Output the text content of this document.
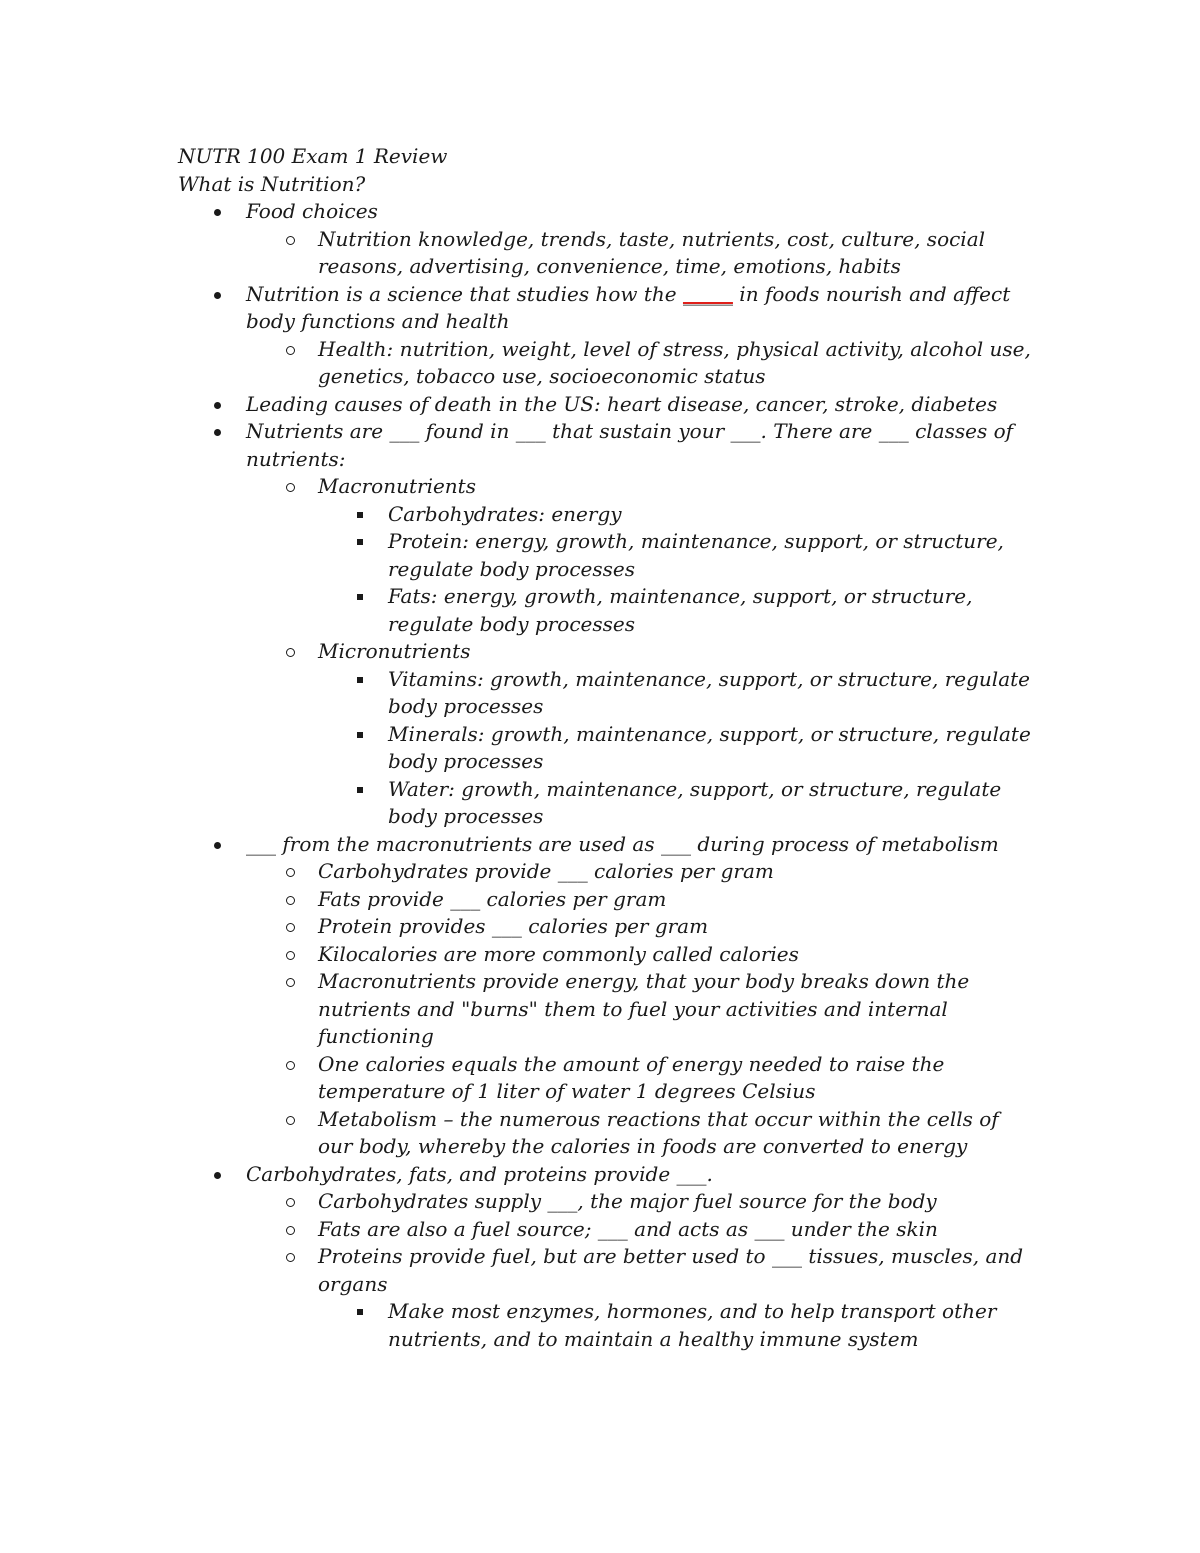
NUTR 100 Exam 1 Review
What is Nutrition?
Food choices
Nutrition knowledge, trends, taste, nutrients, cost, culture, social reasons, advertising, convenience, time, emotions, habits
Nutrition is a science that studies how the _____ in foods nourish and affect body functions and health
Health: nutrition, weight, level of stress, physical activity, alcohol use, genetics, tobacco use, socioeconomic status
Leading causes of death in the US: heart disease, cancer, stroke, diabetes
Nutrients are ___ found in ___ that sustain your ___. There are ___ classes of nutrients:
Macronutrients
Carbohydrates: energy
Protein: energy, growth, maintenance, support, or structure, regulate body processes
Fats: energy, growth, maintenance, support, or structure, regulate body processes
Micronutrients
Vitamins: growth, maintenance, support, or structure, regulate body processes
Minerals: growth, maintenance, support, or structure, regulate body processes
Water: growth, maintenance, support, or structure, regulate body processes
___ from the macronutrients are used as ___ during process of metabolism
Carbohydrates provide ___ calories per gram
Fats provide ___ calories per gram
Protein provides ___ calories per gram
Kilocalories are more commonly called calories
Macronutrients provide energy, that your body breaks down the nutrients and "burns" them to fuel your activities and internal functioning
One calories equals the amount of energy needed to raise the temperature of 1 liter of water 1 degrees Celsius
Metabolism – the numerous reactions that occur within the cells of our body, whereby the calories in foods are converted to energy
Carbohydrates, fats, and proteins provide ___.
Carbohydrates supply ___, the major fuel source for the body
Fats are also a fuel source; ___ and acts as ___ under the skin
Proteins provide fuel, but are better used to ___ tissues, muscles, and organs
Make most enzymes, hormones, and to help transport other nutrients, and to maintain a healthy immune system
